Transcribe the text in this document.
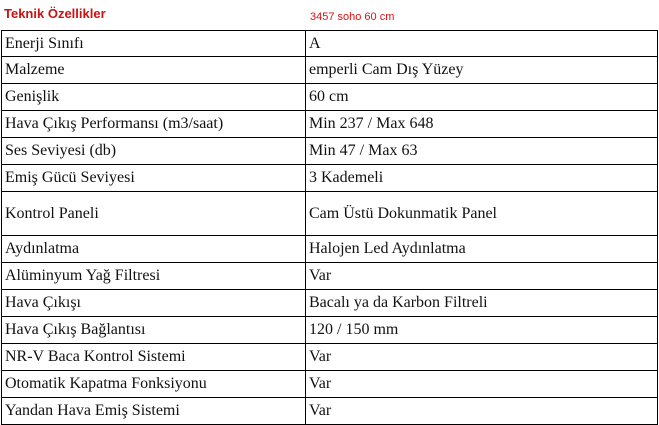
Teknik Özellikler	3457 soho 60 cm
Enerji Sınıfı	A
Malzeme	emperli Cam Dış Yüzey
Genişlik	60 cm
Hava Çıkış Performansı (m3/saat)	Min 237 / Max 648
Ses Seviyesi (db)	Min 47 / Max 63
Emiş Gücü Seviyesi	3 Kademeli
Kontrol Paneli	Cam Üstü Dokunmatik Panel
Aydınlatma	Halojen Led Aydınlatma
Alüminyum Yağ Filtresi	Var
Hava Çıkışı	Bacalı ya da Karbon Filtreli
Hava Çıkış Bağlantısı	120 / 150 mm
NR-V Baca Kontrol Sistemi	Var
Otomatik Kapatma Fonksiyonu	Var
Yandan Hava Emiş Sistemi	Var
